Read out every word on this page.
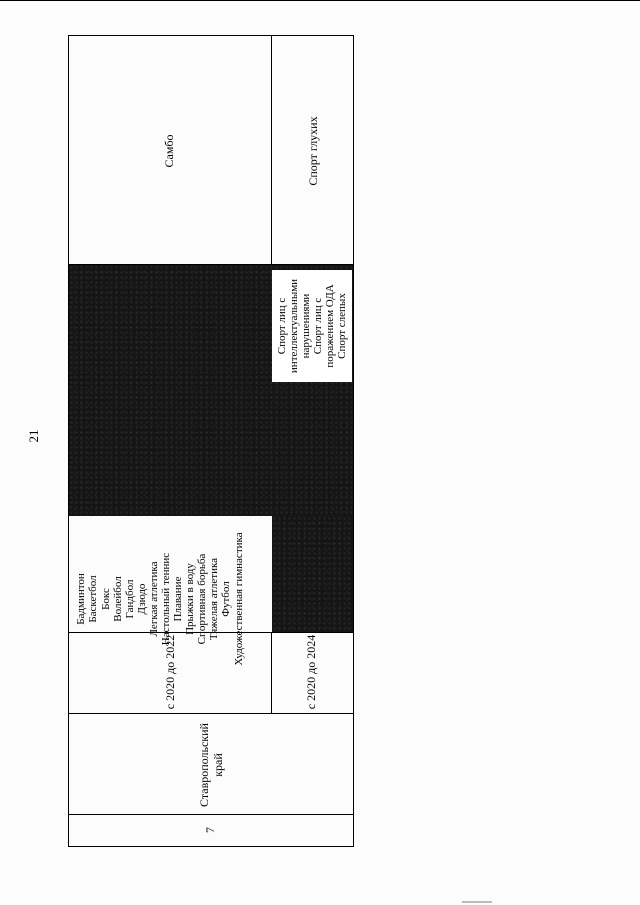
21
7
Ставропольский край
с 2020 до 2022	с 2020 до 2024
Бадминтон Баскетбол Бокс Волейбол Гандбол Дзюдо Легкая атлетика Настольный теннис Плавание Прыжки в воду Спортивная борьба Тяжелая атлетика Футбол Художественная гимнастика
Самбо
Спорт лиц с интеллектуальными нарушениями Спорт лиц с поражением ОДА Спорт слепых
Спорт глухих
